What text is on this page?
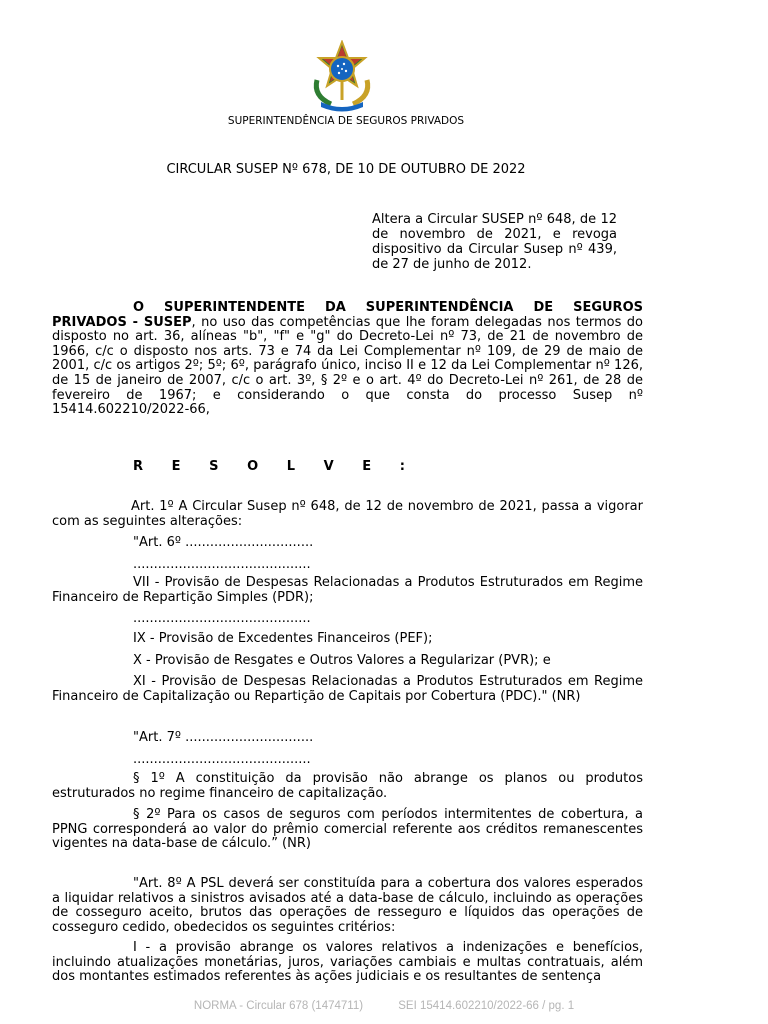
SUPERINTENDÊNCIA DE SEGUROS PRIVADOS
CIRCULAR SUSEP Nº 678, DE 10 DE OUTUBRO DE 2022
Altera a Circular SUSEP nº 648, de 12 de novembro de 2021, e revoga dispositivo da Circular Susep nº 439, de 27 de junho de 2012.

O SUPERINTENDENTE DA SUPERINTENDÊNCIA DE SEGUROS PRIVADOS - SUSEP, no uso das competências que lhe foram delegadas nos termos do disposto no art. 36, alíneas "b", "f" e "g" do Decreto-Lei nº 73, de 21 de novembro de 1966, c/c o disposto nos arts. 73 e 74 da Lei Complementar nº 109, de 29 de maio de 2001, c/c os artigos 2º; 5º; 6º, parágrafo único, inciso II e 12 da Lei Complementar nº 126, de 15 de janeiro de 2007, c/c o art. 3º, § 2º e o art. 4º do Decreto-Lei nº 261, de 28 de fevereiro de 1967; e considerando o que consta do processo Susep nº 15414.602210/2022-66,

R E S O L V E :

Art. 1º A Circular Susep nº 648, de 12 de novembro de 2021, passa a vigorar com as seguintes alterações:

"Art. 6º ...............................

...........................................

VII - Provisão de Despesas Relacionadas a Produtos Estruturados em Regime Financeiro de Repartição Simples (PDR);

...........................................

IX - Provisão de Excedentes Financeiros (PEF);

X - Provisão de Resgates e Outros Valores a Regularizar (PVR); e

XI - Provisão de Despesas Relacionadas a Produtos Estruturados em Regime Financeiro de Capitalização ou Repartição de Capitais por Cobertura (PDC)." (NR)

"Art. 7º ...............................

...........................................

§ 1º A constituição da provisão não abrange os planos ou produtos estruturados no regime financeiro de capitalização.

§ 2º Para os casos de seguros com períodos intermitentes de cobertura, a PPNG corresponderá ao valor do prêmio comercial referente aos créditos remanescentes vigentes na data-base de cálculo.” (NR)

"Art. 8º A PSL deverá ser constituída para a cobertura dos valores esperados a liquidar relativos a sinistros avisados até a data-base de cálculo, incluindo as operações de cosseguro aceito, brutos das operações de resseguro e líquidos das operações de cosseguro cedido, obedecidos os seguintes critérios:

I - a provisão abrange os valores relativos a indenizações e benefícios, incluindo atualizações monetárias, juros, variações cambiais e multas contratuais, além dos montantes estimados referentes às ações judiciais e os resultantes de sentença

NORMA - Circular 678 (1474711)	SEI 15414.602210/2022-66 / pg. 1
